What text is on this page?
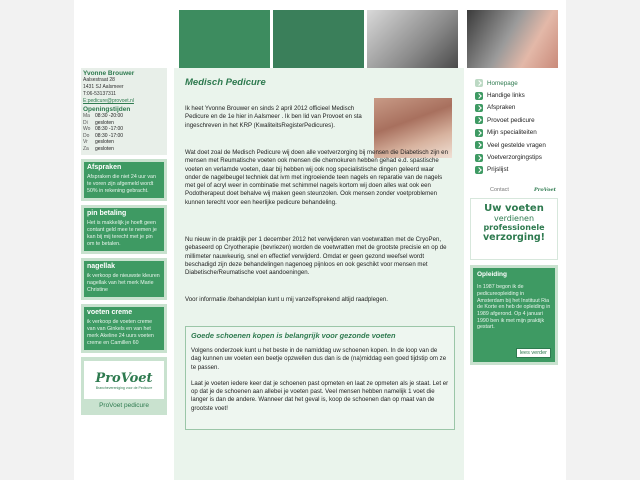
Yvonne Brouwer
Aalsestraat 28
1431 SJ Aalsmeer
T:06-53137311
E:pedicure@provoet.nl
Openingstijden
Ma	08:30 -20:00
Di	gesloten
Wo 08:30 -17:00
Do	08:30 -17:00
Vr	gesloten
Za	gesloten
Afspraken

Afspraken die niet 24 uur van te voren zijn afgemeld wordt 50% in rekening gebracht.

pin betaling

Het is makkelijk je hoeft geen contant geld mee te nemen je kan bij mij terecht met je pin om te betalen.

nagellak

ik verkoop de nieuwste kleuren nagellak van het merk Marie Christine

voeten creme

ik verkoop de voeten creme van van Ginkels en van het merk Akeline 24 uurs voeten creme en Camillen 60

ProVoet
Branchevereniging voor de Pedicure
ProVoet pedicure
Medisch Pedicure

Ik heet Yvonne Brouwer en sinds 2 april 2012 officieel Medisch Pedicure en de 1e hier in Aalsmeer . Ik ben lid van Provoet en sta ingeschreven in het KRP (KwaliteitsRegisterPedicures).

Wat doet zoal de Medisch Pedicure wij doen alle voetverzorging bij mensen die Diabetisch zijn en mensen met Reumatische voeten ook mensen die chemokuren hebben gehad e.d. spastische voeten en verlamde voeten, daar bij hebben wij ook nog specialistische dingen geleerd waar onder de nagelbeugel techniek dat ivm met ingroeiende teen nagels en reparatie van de nagels met gel of acryl weer in combinatie met schimmel nagels kortom wij doen alles wat ook een Podotherapeut doet behalve wij maken geen steunzolen. Ook mensen zonder voetproblemen kunnen terecht voor een heerlijke pedicure behandeling.

Nu nieuw in de praktijk per 1 december 2012 het verwijderen van voetwratten met de CryoPen, gebaseerd op Cryotherapie (bevriezen) worden de voetwratten met de grootste precisie en op de millimeter nauwkeurig, snel en effectief verwijderd. Omdat er geen gezond weefsel wordt beschadigd zijn deze behandelingen nagenoeg pijnloos en ook geschikt voor mensen met Diabetische/Reumatische voet aandoeningen.

Voor informatie /behandelplan kunt u mij vanzelfsprekend altijd raadplegen.

Goede schoenen kopen is belangrijk voor gezonde voeten

Volgens onderzoek kunt u het beste in de namiddag uw schoenen kopen. In de loop van de dag kunnen uw voeten een beetje opzwellen dus dan is de (na)middag een goed tijdstip om ze te passen.

Laat je voeten iedere keer dat je schoenen past opmeten en laat ze opmeten als je staat. Let er op dat je de schoenen aan allebei je voeten past. Veel mensen hebben namelijk 1 voet die langer is dan de andere. Wanneer dat het geval is, koop de schoenen dan op maat van de grootste voet!

Homepage
Handige links
Afspraken
Provoet pedicure
Mijn specialiteiten
Veel gestelde vragen
Voetverzorgingstips
Prijslijst
Contact	ProVoet
Uw voeten
verdienen
professionele
verzorging!
Opleiding

In 1987 begon ik de pedicureopleiding in Amsterdam bij het Instituut Ria de Korte en heb de opleiding in 1989 afgerond. Op 4 januari 1990 ben ik met mijn praktijk gestart.

lees verder
